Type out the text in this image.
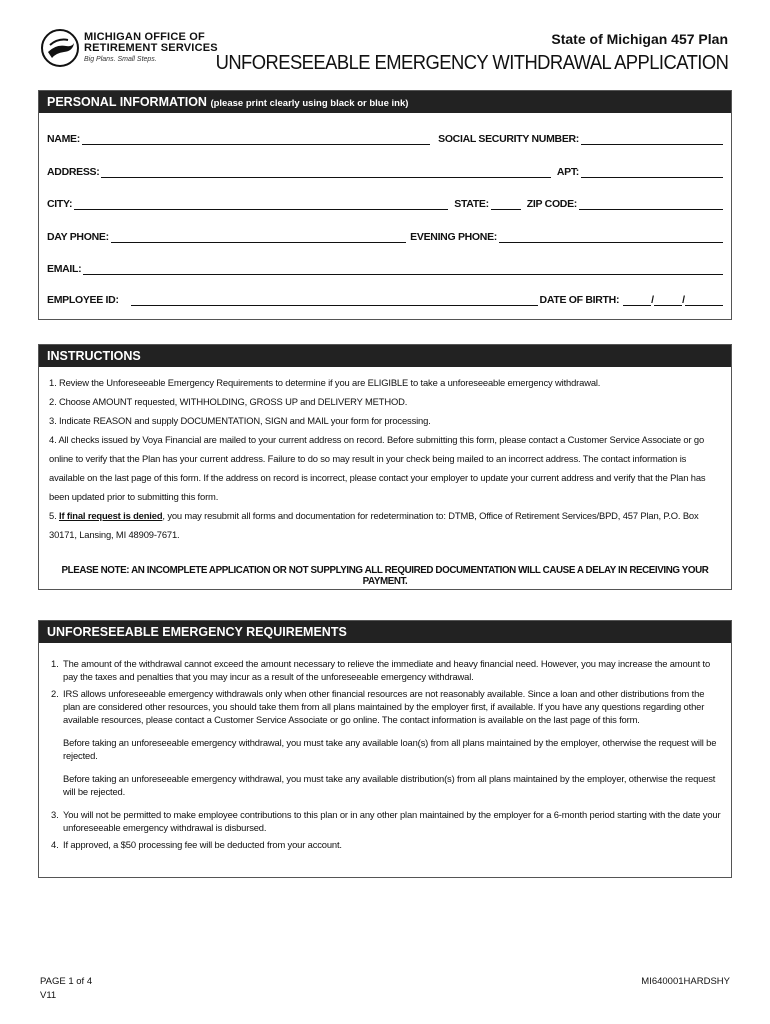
MICHIGAN OFFICE OF
RETIREMENT SERVICES
Big Plans. Small Steps.
State of Michigan 457 Plan
UNFORESEEABLE EMERGENCY WITHDRAWAL APPLICATION
PERSONAL INFORMATION (please print clearly using black or blue ink)
NAME:	SOCIAL SECURITY NUMBER:
ADDRESS:	APT:
CITY:	STATE:	ZIP CODE:
DAY PHONE:	EVENING PHONE:
EMAIL:
EMPLOYEE ID:	DATE OF BIRTH:	/	/
INSTRUCTIONS

1. Review the Unforeseeable Emergency Requirements to determine if you are ELIGIBLE to take a unforeseeable emergency withdrawal.

2. Choose AMOUNT requested, WITHHOLDING, GROSS UP and DELIVERY METHOD.

3. Indicate REASON and supply DOCUMENTATION, SIGN and MAIL your form for processing.

4. All checks issued by Voya Financial are mailed to your current address on record. Before submitting this form, please contact a Customer Service Associate or go online to verify that the Plan has your current address. Failure to do so may result in your check being mailed to an incorrect address. The contact information is available on the last page of this form. If the address on record is incorrect, please contact your employer to update your current address and verify that the Plan has been updated prior to submitting this form.

5. If final request is denied, you may resubmit all forms and documentation for redetermination to: DTMB, Office of Retirement Services/BPD, 457 Plan, P.O. Box 30171, Lansing, MI 48909-7671.

PLEASE NOTE: AN INCOMPLETE APPLICATION OR NOT SUPPLYING ALL REQUIRED DOCUMENTATION WILL CAUSE A DELAY IN RECEIVING YOUR PAYMENT.
UNFORESEEABLE EMERGENCY REQUIREMENTS
1. The amount of the withdrawal cannot exceed the amount necessary to relieve the immediate and heavy financial need. However, you may increase the amount to pay the taxes and penalties that you may incur as a result of the unforeseeable emergency withdrawal.
2. IRS allows unforeseeable emergency withdrawals only when other financial resources are not reasonably available. Since a loan and other distributions from the plan are considered other resources, you should take them from all plans maintained by the employer first, if available. If you have any questions regarding other available resources, please contact a Customer Service Associate or go online. The contact information is available on the last page of this form.
Before taking an unforeseeable emergency withdrawal, you must take any available loan(s) from all plans maintained by the employer, otherwise the request will be rejected.
Before taking an unforeseeable emergency withdrawal, you must take any available distribution(s) from all plans maintained by the employer, otherwise the request will be rejected.
3. You will not be permitted to make employee contributions to this plan or in any other plan maintained by the employer for a 6-month period starting with the date your unforeseeable emergency withdrawal is disbursed.
4. If approved, a $50 processing fee will be deducted from your account.
PAGE 1 of 4
V11
MI640001HARDSHY
